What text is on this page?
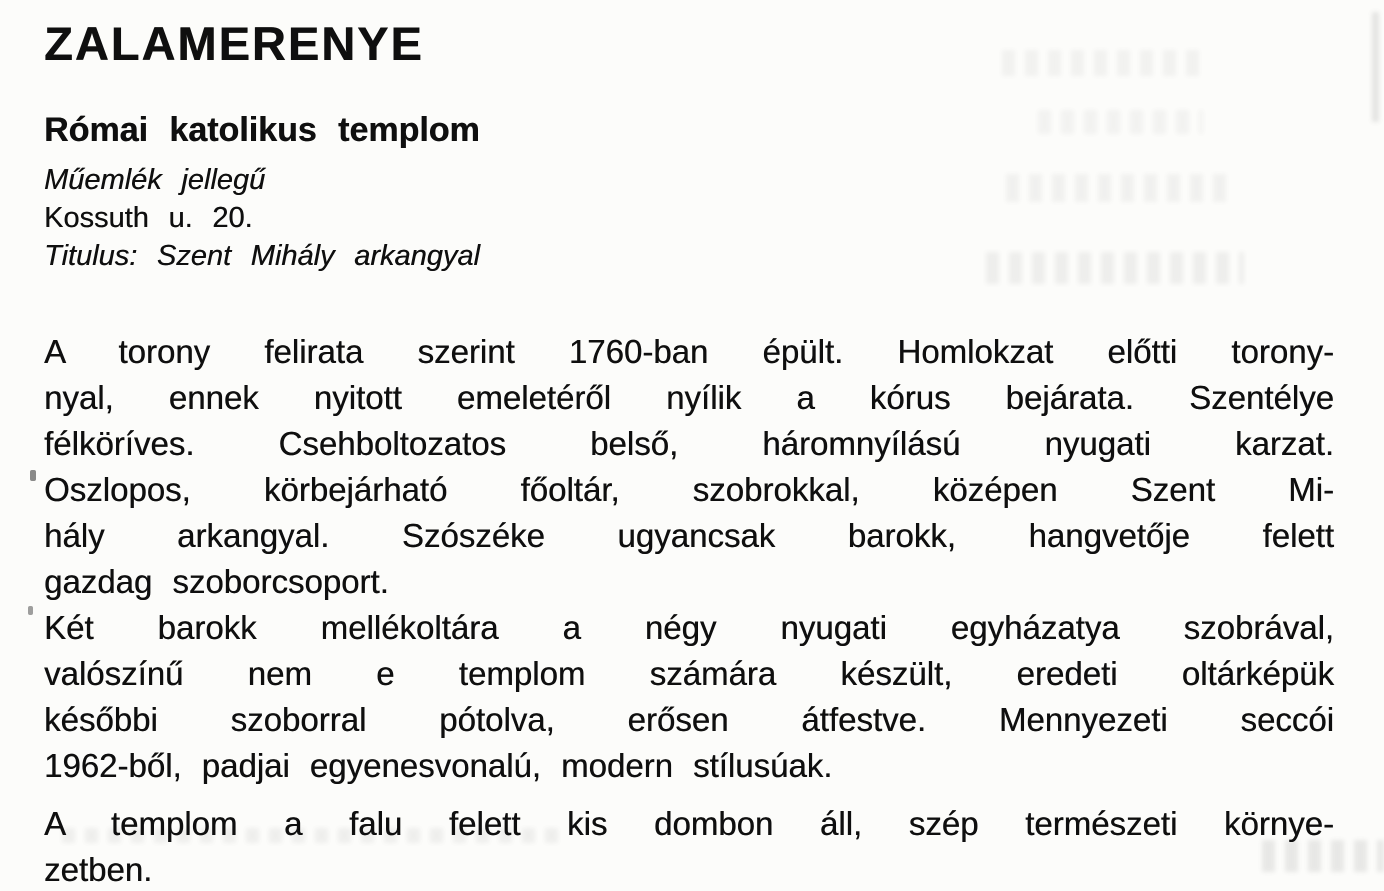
ZALAMERENYE
Római katolikus templom

Műemlék jellegű

Kossuth u. 20.

Titulus: Szent Mihály arkangyal

A torony felirata szerint 1760-ban épült. Homlokzat előtti torony-
nyal, ennek nyitott emeletéről nyílik a kórus bejárata. Szentélye
félköríves. Csehboltozatos belső, háromnyílású nyugati karzat.
Oszlopos, körbejárható főoltár, szobrokkal, középen Szent Mi-
hály arkangyal. Szószéke ugyancsak barokk, hangvetője felett
gazdag szoborcsoport.
Két barokk mellékoltára a négy nyugati egyházatya szobrával,
valószínű nem e templom számára készült, eredeti oltárképük
későbbi szoborral pótolva, erősen átfestve. Mennyezeti seccói
1962-ből, padjai egyenesvonalú, modern stílusúak.
A templom a falu felett kis dombon áll, szép természeti környe-
zetben.
